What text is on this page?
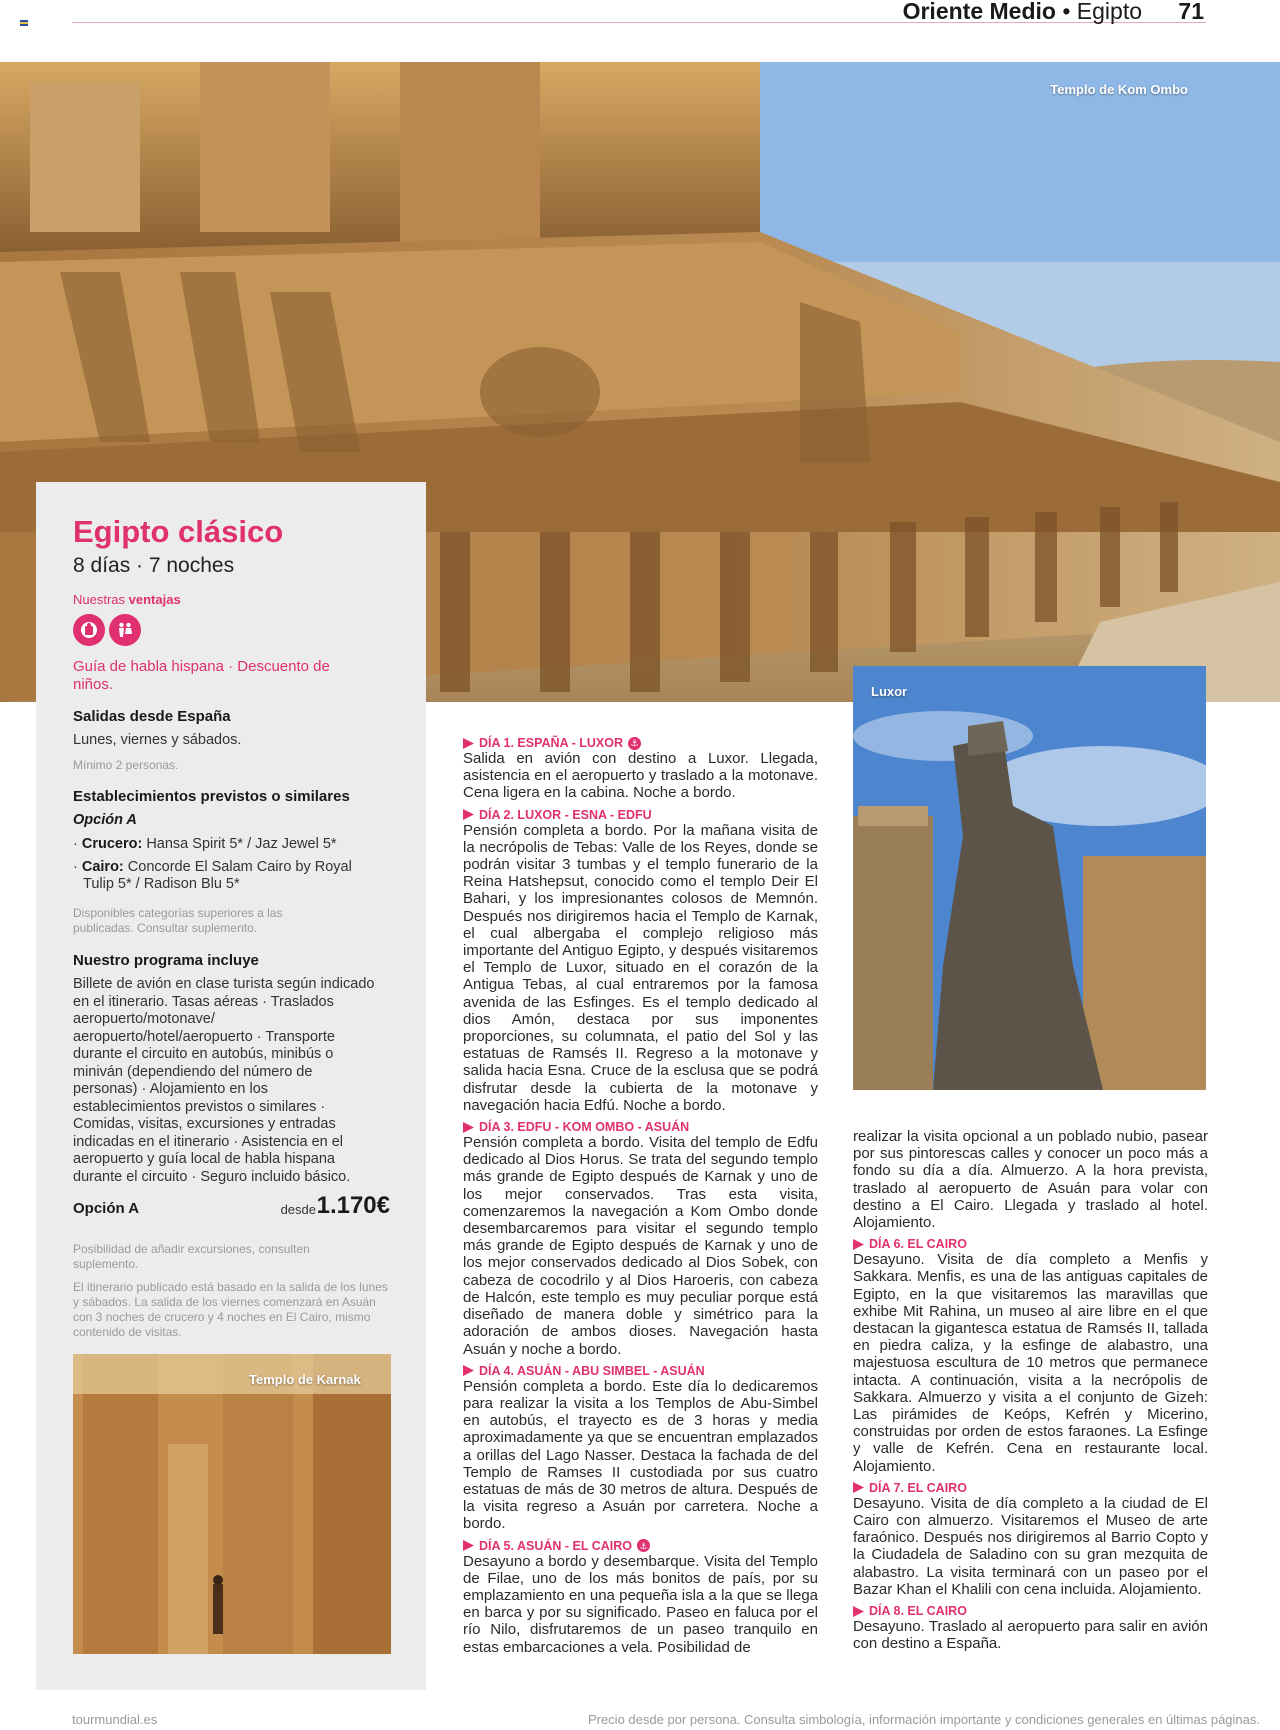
Oriente Medio • Egipto 71
Templo de Kom Ombo
Egipto clásico
8 días · 7 noches
Nuestras ventajas
Guía de habla hispana · Descuento de niños.
Salidas desde España
Lunes, viernes y sábados.
Mínimo 2 personas.
Establecimientos previstos o similares
Opción A
· Crucero: Hansa Spirit 5* / Jaz Jewel 5*
· Cairo: Concorde El Salam Cairo by Royal Tulip 5* / Radison Blu 5*
Disponibles categorías superiores a las publicadas. Consultar suplemento.
Nuestro programa incluye
Billete de avión en clase turista según indicado en el itinerario. Tasas aéreas · Traslados aeropuerto/motonave/ aeropuerto/hotel/aeropuerto · Transporte durante el circuito en autobús, minibús o miniván (dependiendo del número de personas) · Alojamiento en los establecimientos previstos o similares · Comidas, visitas, excursiones y entradas indicadas en el itinerario · Asistencia en el aeropuerto y guía local de habla hispana durante el circuito · Seguro incluido básico.
Opción A	desde 1.170€
Posibilidad de añadir excursiones, consulten suplemento.
El itinerario publicado está basado en la salida de los lunes y sábados. La salida de los viernes comenzará en Asuán con 3 noches de crucero y 4 noches en El Cairo, mismo contenido de visitas.
Templo de Karnak
Luxor
DÍA 1. ESPAÑA - LUXOR ⚓

Salida en avión con destino a Luxor. Llegada, asistencia en el aeropuerto y traslado a la motonave. Cena ligera en la cabina. Noche a bordo.

DÍA 2. LUXOR - ESNA - EDFU

Pensión completa a bordo. Por la mañana visita de la necrópolis de Tebas: Valle de los Reyes, donde se podrán visitar 3 tumbas y el templo funerario de la Reina Hatshepsut, conocido como el templo Deir El Bahari, y los impresionantes colosos de Memnón. Después nos dirigiremos hacia el Templo de Karnak, el cual albergaba el complejo religioso más importante del Antiguo Egipto, y después visitaremos el Templo de Luxor, situado en el corazón de la Antigua Tebas, al cual entraremos por la famosa avenida de las Esfinges. Es el templo dedicado al dios Amón, destaca por sus imponentes proporciones, su columnata, el patio del Sol y las estatuas de Ramsés II. Regreso a la motonave y salida hacia Esna. Cruce de la esclusa que se podrá disfrutar desde la cubierta de la motonave y navegación hacia Edfú. Noche a bordo.

DÍA 3. EDFU - KOM OMBO - ASUÁN

Pensión completa a bordo. Visita del templo de Edfu dedicado al Dios Horus. Se trata del segundo templo más grande de Egipto después de Karnak y uno de los mejor conservados. Tras esta visita, comenzaremos la navegación a Kom Ombo donde desembarcaremos para visitar el segundo templo más grande de Egipto después de Karnak y uno de los mejor conservados dedicado al Dios Sobek, con cabeza de cocodrilo y al Dios Haroeris, con cabeza de Halcón, este templo es muy peculiar porque está diseñado de manera doble y simétrico para la adoración de ambos dioses. Navegación hasta Asuán y noche a bordo.

DÍA 4. ASUÁN - ABU SIMBEL - ASUÁN

Pensión completa a bordo. Este día lo dedicaremos para realizar la visita a los Templos de Abu-Simbel en autobús, el trayecto es de 3 horas y media aproximadamente ya que se encuentran emplazados a orillas del Lago Nasser. Destaca la fachada de del Templo de Ramses II custodiada por sus cuatro estatuas de más de 30 metros de altura. Después de la visita regreso a Asuán por carretera. Noche a bordo.

DÍA 5. ASUÁN - EL CAIRO ⚓

Desayuno a bordo y desembarque. Visita del Templo de Filae, uno de los más bonitos de país, por su emplazamiento en una pequeña isla a la que se llega en barca y por su significado. Paseo en faluca por el río Nilo, disfrutaremos de un paseo tranquilo en estas embarcaciones a vela. Posibilidad de

realizar la visita opcional a un poblado nubio, pasear por sus pintorescas calles y conocer un poco más a fondo su día a día. Almuerzo. A la hora prevista, traslado al aeropuerto de Asuán para volar con destino a El Cairo. Llegada y traslado al hotel. Alojamiento.

DÍA 6. EL CAIRO

Desayuno. Visita de día completo a Menfis y Sakkara. Menfis, es una de las antiguas capitales de Egipto, en la que visitaremos las maravillas que exhibe Mit Rahina, un museo al aire libre en el que destacan la gigantesca estatua de Ramsés II, tallada en piedra caliza, y la esfinge de alabastro, una majestuosa escultura de 10 metros que permanece intacta. A continuación, visita a la necrópolis de Sakkara. Almuerzo y visita a el conjunto de Gizeh: Las pirámides de Keóps, Kefrén y Micerino, construidas por orden de estos faraones. La Esfinge y valle de Kefrén. Cena en restaurante local. Alojamiento.

DÍA 7. EL CAIRO

Desayuno. Visita de día completo a la ciudad de El Cairo con almuerzo. Visitaremos el Museo de arte faraónico. Después nos dirigiremos al Barrio Copto y la Ciudadela de Saladino con su gran mezquita de alabastro. La visita terminará con un paseo por el Bazar Khan el Khalili con cena incluida. Alojamiento.

DÍA 8. EL CAIRO

Desayuno. Traslado al aeropuerto para salir en avión con destino a España.

tourmundial.es	Precio desde por persona. Consulta simbología, información importante y condiciones generales en últimas páginas.
